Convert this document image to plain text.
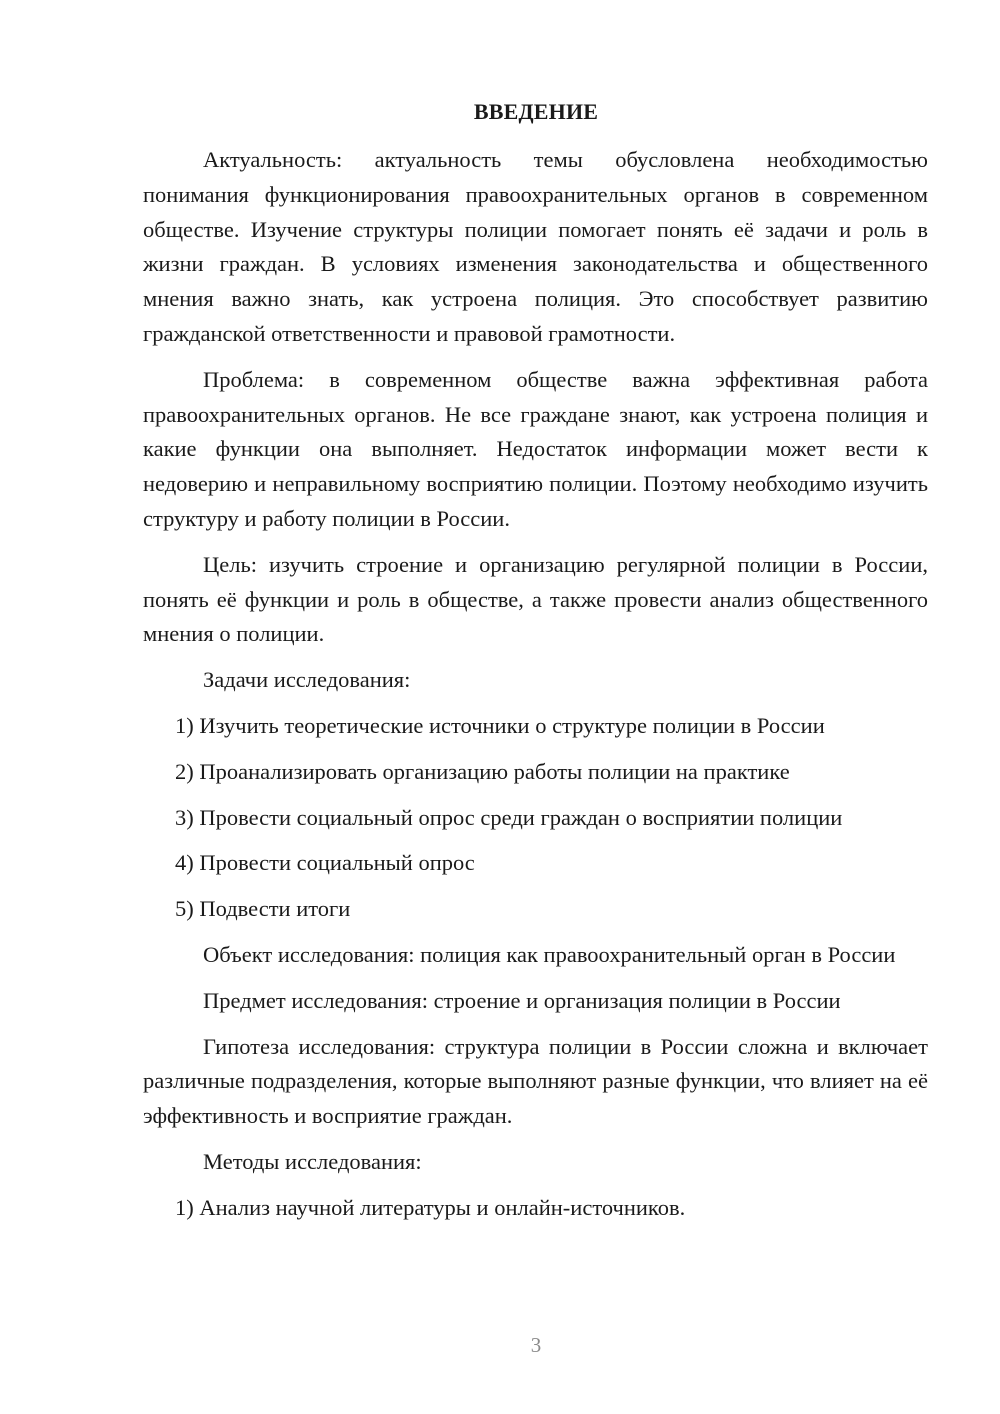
ВВЕДЕНИЕ

Актуальность: актуальность темы обусловлена необходимостью понимания функционирования правоохранительных органов в современном обществе. Изучение структуры полиции помогает понять её задачи и роль в жизни граждан. В условиях изменения законодательства и общественного мнения важно знать, как устроена полиция. Это способствует развитию гражданской ответственности и правовой грамотности.

Проблема: в современном обществе важна эффективная работа правоохранительных органов. Не все граждане знают, как устроена полиция и какие функции она выполняет. Недостаток информации может вести к недоверию и неправильному восприятию полиции. Поэтому необходимо изучить структуру и работу полиции в России.

Цель: изучить строение и организацию регулярной полиции в России, понять её функции и роль в обществе, а также провести анализ общественного мнения о полиции.

Задачи исследования:

1) Изучить теоретические источники о структуре полиции в России

2) Проанализировать организацию работы полиции на практике

3) Провести социальный опрос среди граждан о восприятии полиции

4) Провести социальный опрос

5) Подвести итоги

Объект исследования: полиция как правоохранительный орган в России

Предмет исследования: строение и организация полиции в России

Гипотеза исследования: структура полиции в России сложна и включает различные подразделения, которые выполняют разные функции, что влияет на её эффективность и восприятие граждан.

Методы исследования:

1) Анализ научной литературы и онлайн-источников.

3
